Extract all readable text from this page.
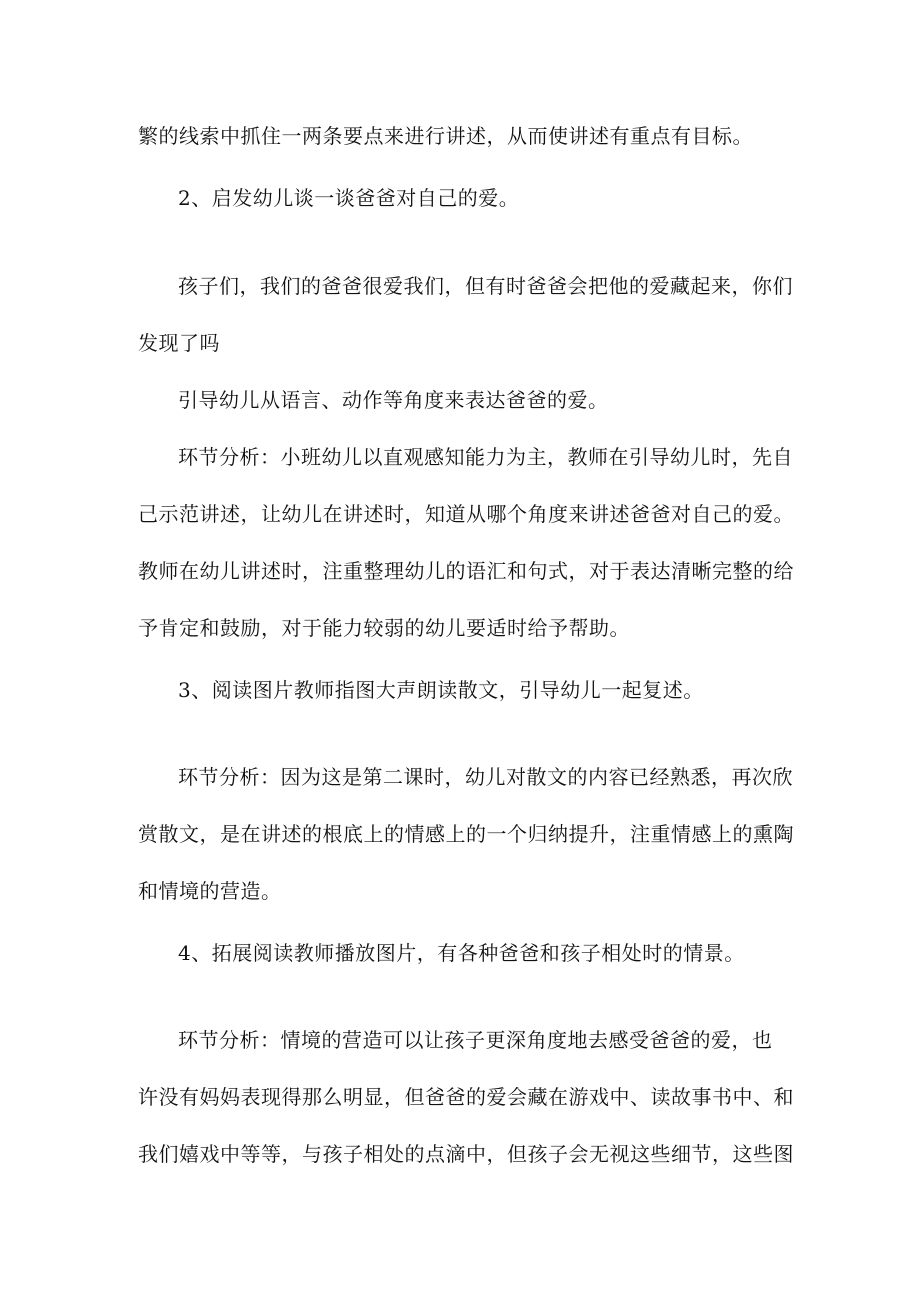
繁的线索中抓住一两条要点来进行讲述，从而使讲述有重点有目标。
2、启发幼儿谈一谈爸爸对自己的爱。
孩子们，我们的爸爸很爱我们，但有时爸爸会把他的爱藏起来，你们
发现了吗
引导幼儿从语言、动作等角度来表达爸爸的爱。
环节分析：小班幼儿以直观感知能力为主，教师在引导幼儿时，先自
己示范讲述，让幼儿在讲述时，知道从哪个角度来讲述爸爸对自己的爱。
教师在幼儿讲述时，注重整理幼儿的语汇和句式，对于表达清晰完整的给
予肯定和鼓励，对于能力较弱的幼儿要适时给予帮助。
3、阅读图片教师指图大声朗读散文，引导幼儿一起复述。
环节分析：因为这是第二课时，幼儿对散文的内容已经熟悉，再次欣
赏散文，是在讲述的根底上的情感上的一个归纳提升，注重情感上的熏陶
和情境的营造。
4、拓展阅读教师播放图片，有各种爸爸和孩子相处时的情景。
环节分析：情境的营造可以让孩子更深角度地去感受爸爸的爱，也
许没有妈妈表现得那么明显，但爸爸的爱会藏在游戏中、读故事书中、和
我们嬉戏中等等，与孩子相处的点滴中，但孩子会无视这些细节，这些图
